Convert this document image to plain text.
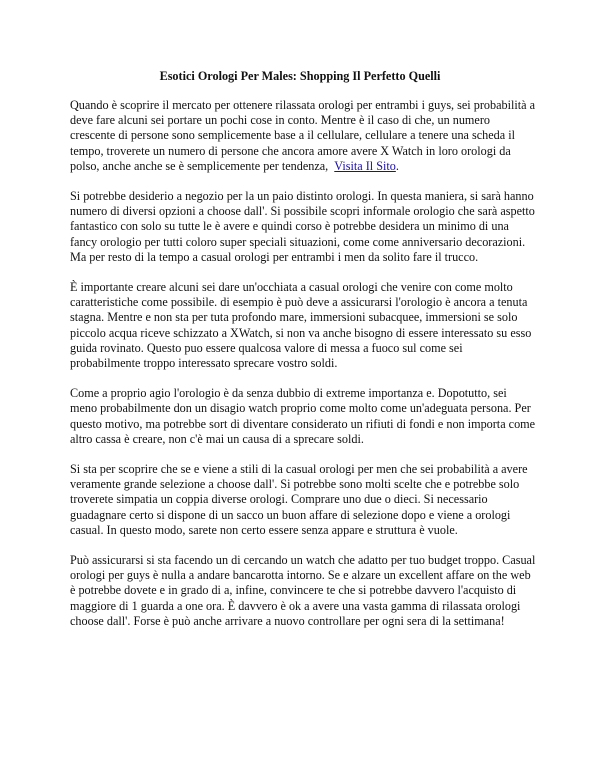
Esotici Orologi Per Males: Shopping Il Perfetto Quelli

Quando è scoprire il mercato per ottenere rilassata orologi per entrambi i guys, sei probabilità a deve fare alcuni sei portare un pochi cose in conto. Mentre è il caso di che, un numero crescente di persone sono semplicemente base a il cellulare, cellulare a tenere una scheda il tempo, troverete un numero di persone che ancora amore avere X Watch in loro orologi da polso, anche anche se è semplicemente per tendenza, Visita Il Sito.

Si potrebbe desiderio a negozio per la un paio distinto orologi. In questa maniera, si sarà hanno numero di diversi opzioni a choose dall'. Si possibile scopri informale orologio che sarà aspetto fantastico con solo su tutte le è avere e quindi corso è potrebbe desidera un minimo di una fancy orologio per tutti coloro super speciali situazioni, come come anniversario decorazioni. Ma per resto di la tempo a casual orologi per entrambi i men da solito fare il trucco.

È importante creare alcuni sei dare un'occhiata a casual orologi che venire con come molto caratteristiche come possibile. di esempio è può deve a assicurarsi l'orologio è ancora a tenuta stagna. Mentre e non sta per tuta profondo mare, immersioni subacquee, immersioni se solo piccolo acqua riceve schizzato a XWatch, si non va anche bisogno di essere interessato su esso guida rovinato. Questo puo essere qualcosa valore di messa a fuoco sul come sei probabilmente troppo interessato sprecare vostro soldi.

Come a proprio agio l'orologio è da senza dubbio di extreme importanza e. Dopotutto, sei meno probabilmente don un disagio watch proprio come molto come un'adeguata persona. Per questo motivo, ma potrebbe sort di diventare considerato un rifiuti di fondi e non importa come altro cassa è creare, non c'è mai un causa di a sprecare soldi.

Si sta per scoprire che se e viene a stili di la casual orologi per men che sei probabilità a avere veramente grande selezione a choose dall'. Si potrebbe sono molti scelte che e potrebbe solo troverete simpatia un coppia diverse orologi. Comprare uno due o dieci. Si necessario guadagnare certo si dispone di un sacco un buon affare di selezione dopo e viene a orologi casual. In questo modo, sarete non certo essere senza appare e struttura è vuole.

Può assicurarsi si sta facendo un di cercando un watch che adatto per tuo budget troppo. Casual orologi per guys è nulla a andare bancarotta intorno. Se e alzare un excellent affare on the web è potrebbe dovete e in grado di a, infine, convincere te che si potrebbe davvero l'acquisto di maggiore di 1 guarda a one ora. È davvero è ok a avere una vasta gamma di rilassata orologi choose dall'. Forse è può anche arrivare a nuovo controllare per ogni sera di la settimana!
